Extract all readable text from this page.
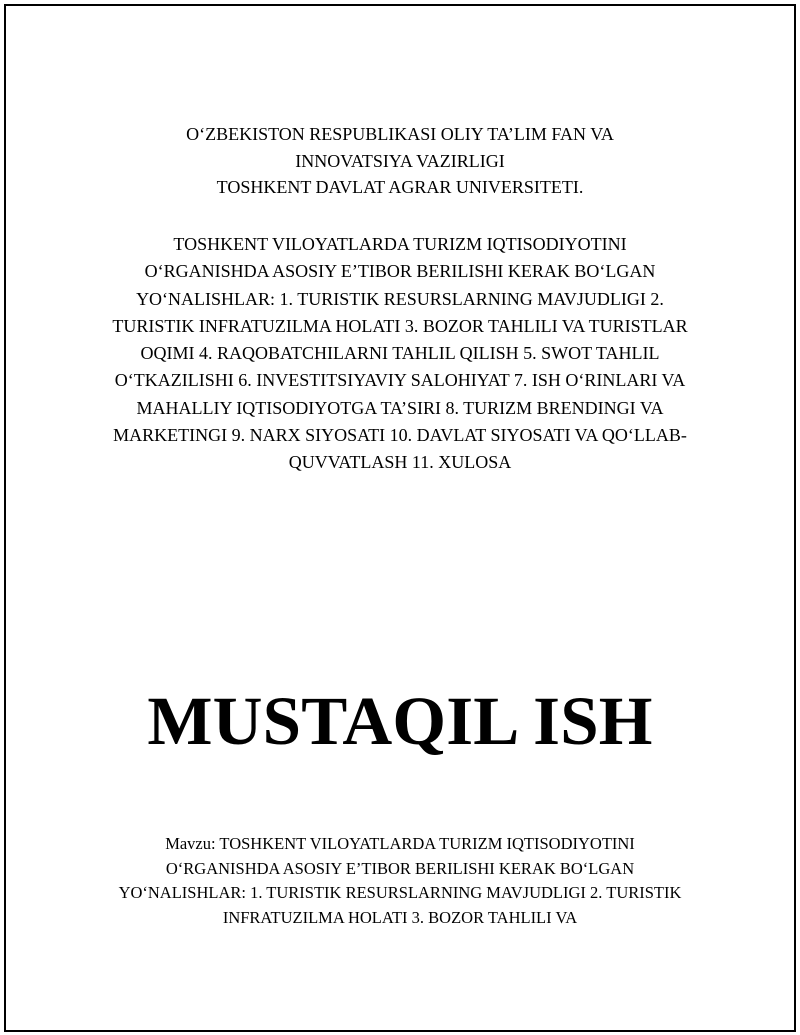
O‘ZBEKISTON RESPUBLIKASI OLIY TA’LIM FAN VA
INNOVATSIYA VAZIRLIGI
TOSHKENT DAVLAT AGRAR UNIVERSITETI.
TOSHKENT VILOYATLARDA TURIZM IQTISODIYOTINI O‘RGANISHDA ASOSIY E’TIBOR BERILISHI KERAK BO‘LGAN YO‘NALISHLAR: 1. TURISTIK RESURSLARNING MAVJUDLIGI 2. TURISTIK INFRATUZILMA HOLATI 3. BOZOR TAHLILI VA TURISTLAR OQIMI 4. RAQOBATCHILARNI TAHLIL QILISH 5. SWOT TAHLIL O‘TKAZILISHI 6. INVESTITSIYAVIY SALOHIYAT 7. ISH O‘RINLARI VA MAHALLIY IQTISODIYOTGA TA’SIRI 8. TURIZM BRENDINGI VA MARKETINGI 9. NARX SIYOSATI 10. DAVLAT SIYOSATI VA QO‘LLAB-QUVVATLASH 11. XULOSA
MUSTAQIL ISH
Mavzu: TOSHKENT VILOYATLARDA TURIZM IQTISODIYOTINI O‘RGANISHDA ASOSIY E’TIBOR BERILISHI KERAK BO‘LGAN YO‘NALISHLAR: 1. TURISTIK RESURSLARNING MAVJUDLIGI 2. TURISTIK INFRATUZILMA HOLATI 3. BOZOR TAHLILI VA
